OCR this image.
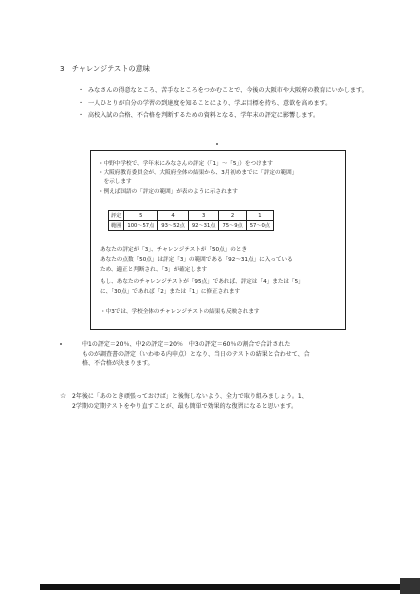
3　チャレンジテストの意味
・ みなさんの得意なところ、苦手なところをつかむことで、今後の大阪市や大阪府の教育にいかします。
・ 一人ひとりが自分の学習の到達度を知ることにより、学ぶ目標を持ち、意欲を高めます。
・ 高校入試の合格、不合格を判断するための資料となる、学年末の評定に影響します。
・中野中学校で、学年末にみなさんの評定（「1」～「5」）をつけます
・大阪府教育委員会が、大阪府全体の結果から、3月初めまでに「評定の範囲」
　を示します
・例えば国語の「評定の範囲」が表のように示されます
評定	5	4	3	2	1
範囲	100～57点	93～52点	92～31点	75～9点	57～0点
あなたの評定が「3」、チャレンジテストが「50点」のとき
あなたの点数「50点」は評定「3」の範囲である「92～31点」に入っている
ため、適正と判断され、「3」が確定します
もし、あなたのチャレンジテストが「95点」であれば、評定は「4」または「5」
に、「30点」であれば「2」または「1」に修正されます
・中3では、学校全体のチャレンジテストの結果も反映されます

中1の評定＝20％、中2の評定＝20％　中3の評定＝60％の割合で合計された

ものが調査書の評定（いわゆる内申点）となり、当日のテストの結果と合わせて、合

格、不合格が決まります。

☆ 2年後に「あのとき頑張っておけば」と後悔しないよう、全力で取り組みましょう。1、

2学期の定期テストをやり直すことが、最も簡単で効果的な復習になると思います。
